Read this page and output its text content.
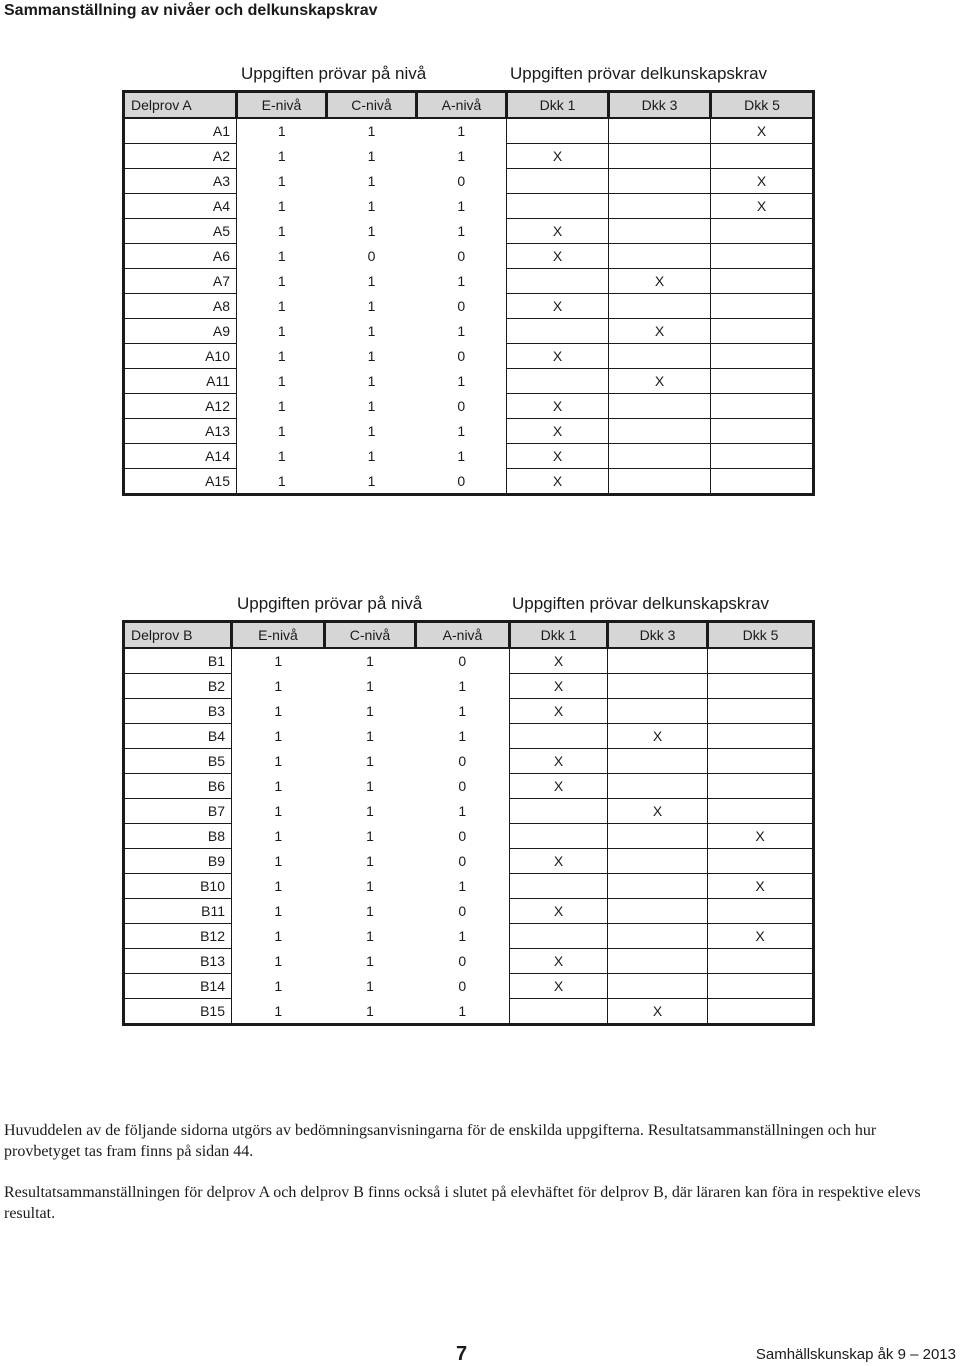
Sammanställning av nivåer och delkunskapskrav
Uppgiften prövar på nivå	Uppgiften prövar delkunskapskrav
Delprov A	E-nivå	C-nivå	A-nivå	Dkk 1	Dkk 3	Dkk 5
A1	1	1	1			X
A2	1	1	1	X		
A3	1	1	0			X
A4	1	1	1			X
A5	1	1	1	X		
A6	1	0	0	X		
A7	1	1	1		X	
A8	1	1	0	X		
A9	1	1	1		X	
A10	1	1	0	X		
A11	1	1	1		X	
A12	1	1	0	X		
A13	1	1	1	X		
A14	1	1	1	X		
A15	1	1	0	X		
Uppgiften prövar på nivå	Uppgiften prövar delkunskapskrav
Delprov B	E-nivå	C-nivå	A-nivå	Dkk 1	Dkk 3	Dkk 5
B1	1	1	0	X		
B2	1	1	1	X		
B3	1	1	1	X		
B4	1	1	1		X	
B5	1	1	0	X		
B6	1	1	0	X		
B7	1	1	1		X	
B8	1	1	0			X
B9	1	1	0	X		
B10	1	1	1			X
B11	1	1	0	X		
B12	1	1	1			X
B13	1	1	0	X		
B14	1	1	0	X		
B15	1	1	1		X	
Huvuddelen av de följande sidorna utgörs av bedömningsanvisningarna för de enskilda uppgifterna. Resultatsammanställningen och hur provbetyget tas fram finns på sidan 44.
Resultatsammanställningen för delprov A och delprov B finns också i slutet på elevhäftet för delprov B, där läraren kan föra in respektive elevs resultat.
7	Samhällskunskap åk 9 – 2013
